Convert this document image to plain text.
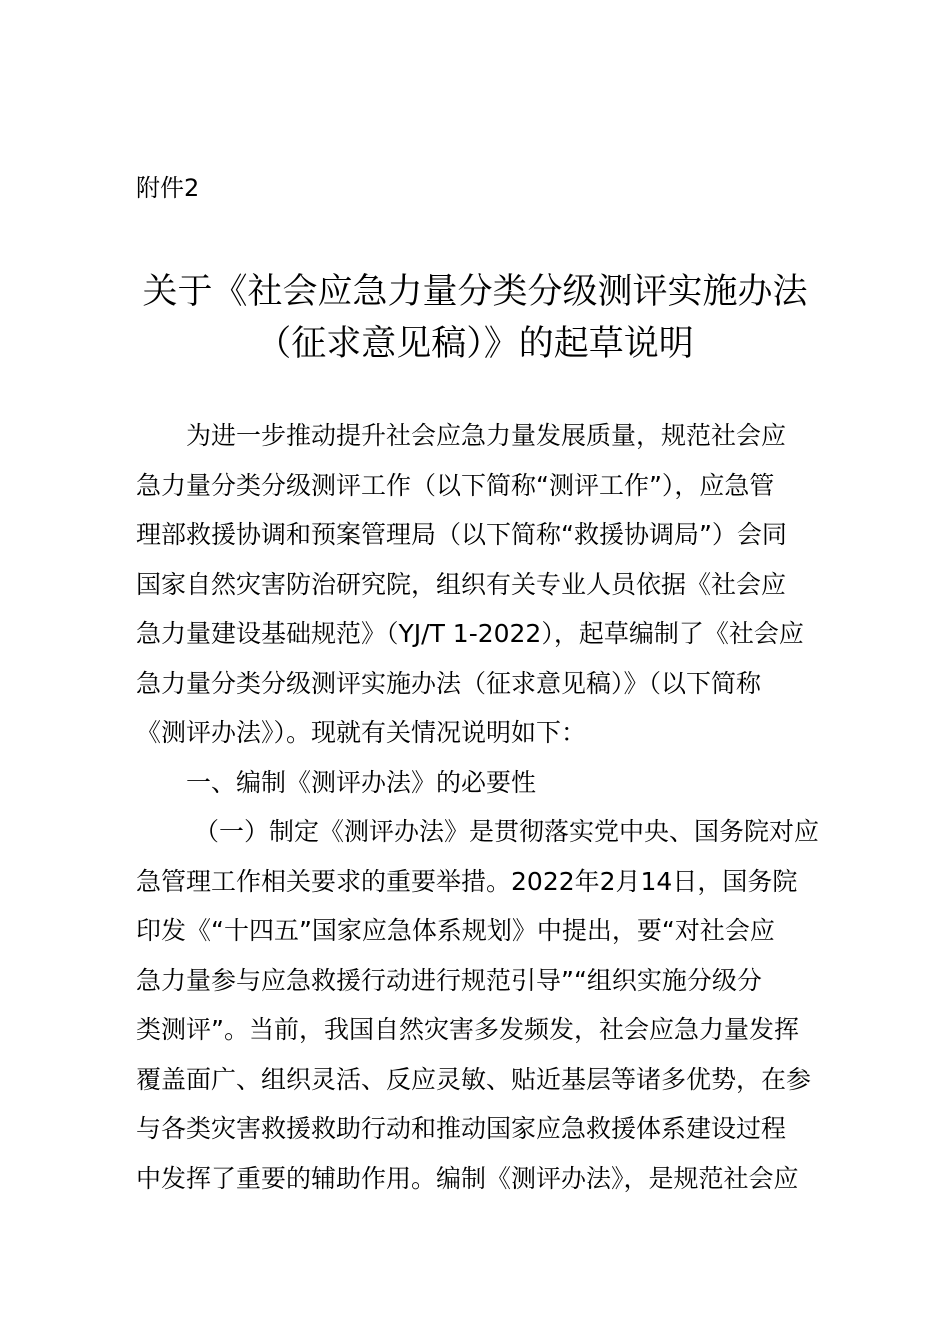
附件2
关于《社会应急力量分类分级测评实施办法
（征求意见稿）》的起草说明
为进一步推动提升社会应急力量发展质量，规范社会应
急力量分类分级测评工作（以下简称“测评工作”），应急管
理部救援协调和预案管理局（以下简称“救援协调局”）会同
国家自然灾害防治研究院，组织有关专业人员依据《社会应
急力量建设基础规范》（YJ/T 1-2022），起草编制了《社会应
急力量分类分级测评实施办法（征求意见稿）》（以下简称
《测评办法》）。现就有关情况说明如下：
一、编制《测评办法》的必要性
（一）制定《测评办法》是贯彻落实党中央、国务院对应
急管理工作相关要求的重要举措。2022年2月14日，国务院
印发《“十四五”国家应急体系规划》中提出，要“对社会应
急力量参与应急救援行动进行规范引导”“组织实施分级分
类测评”。当前，我国自然灾害多发频发，社会应急力量发挥
覆盖面广、组织灵活、反应灵敏、贴近基层等诸多优势，在参
与各类灾害救援救助行动和推动国家应急救援体系建设过程
中发挥了重要的辅助作用。编制《测评办法》，是规范社会应
